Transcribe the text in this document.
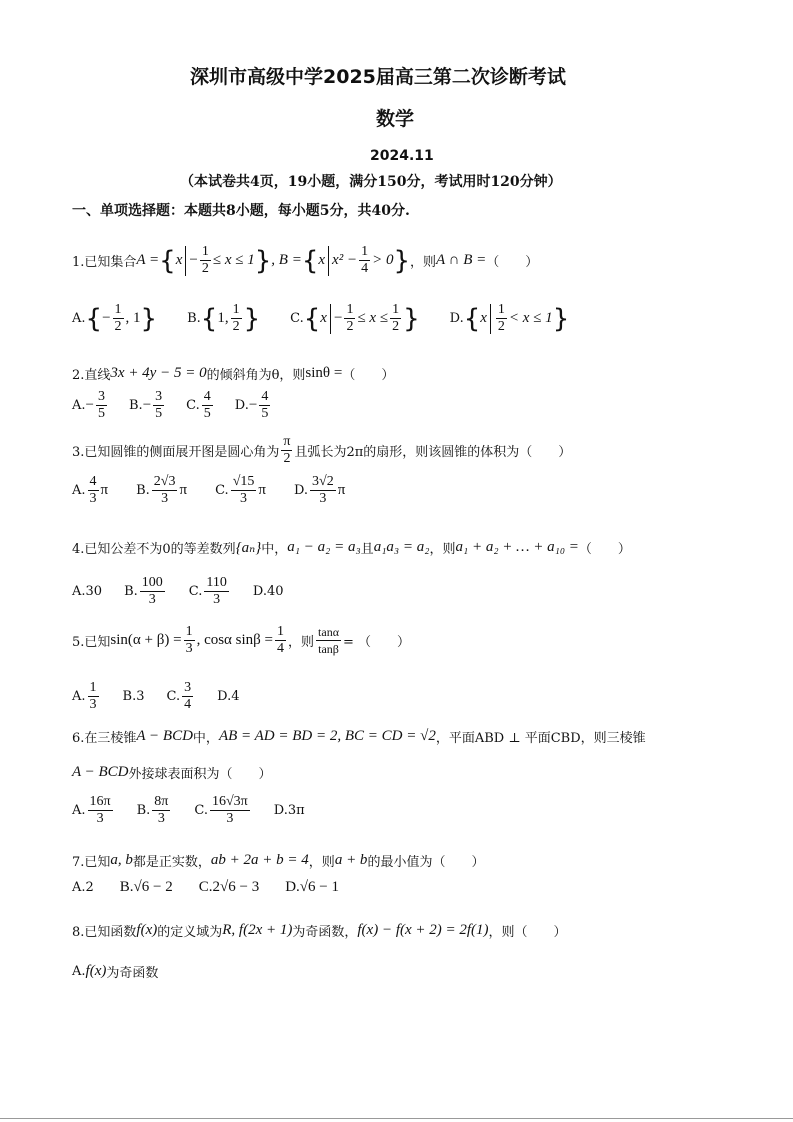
深圳市高级中学2025届高三第二次诊断考试
数学
2024.11
（本试卷共4页，19小题，满分150分，考试用时120分钟）
一、单项选择题：本题共8小题，每小题5分，共40分.
1.已知集合 A = { $x - \frac{1}{2} \le x \le 1$ } , B = { x $x^2 - \frac{1}{4} > 0$ } ，则 A ∩ B = （　　）
A. { − $\frac{1}{2}$ , 1 } B. { 1, $\frac{1}{2}$ } C. { $x - \frac{1}{2} \le x \le \frac{1}{2}$ } D. { x $\frac{1}{2} < x \le 1$ }
2.直线 3x + 4y − 5 = 0 的倾斜角为θ，则 sinθ = （　　）
A. − $\frac{3}{5} B$. − $\frac{3}{5} C$. $\frac{4}{5} D$. − $\frac{4}{5}$
3.已知圆锥的侧面展开图是圆心角为 $\frac{\pi}{2}$ 且弧长为2π的扇形，则该圆锥的体积为（　　）
A. $\frac{4}{3}$ π B. $\frac{2√3}{3}$ π C. $\frac{√15}{3}$ π D. $\frac{3√2}{3}$ π
4.已知公差不为0的等差数列 {aₙ} 中， a₁ − a₂ = a₃ 且 a₁a₃ = a₂ ，则 a₁ + a₂ + … + a₁₀ = （　　）
A.30 B. $\frac{100}{3} C$. $\frac{110}{3} D.40$
5.已知 $\sin(\alpha + \beta) = \frac{1}{3}$ , cosα $\sin\beta = \frac{1}{4}$ ，则 $\frac{\tan\alpha}{\tan\beta}$ = （　　）
A. $\frac{1}{3} B.3$ C. $\frac{3}{4} D.4$
6.在三棱锥 A − BCD 中， AB = AD = BD = 2, BC = CD = √2 ，平面ABD ⊥ 平面CBD，则三棱锥
A − BCD 外接球表面积为（　　）
A. $\frac{16\pi}{3} B$. $\frac{8\pi}{3} C$. $\frac{16√3\pi}{3} D.3\pi$
7.已知 a, b 都是正实数， ab + 2a + b = 4 ，则 a + b 的最小值为（　　）
A.2 B.√6 − 2 C.2√6 − 3 D.√6 − 1
8.已知函数 f(x) 的定义域为 R, f(2x + 1) 为奇函数， f(x) − f(x + 2) = 2f(1) ，则（　　）
A. f(x) 为奇函数
